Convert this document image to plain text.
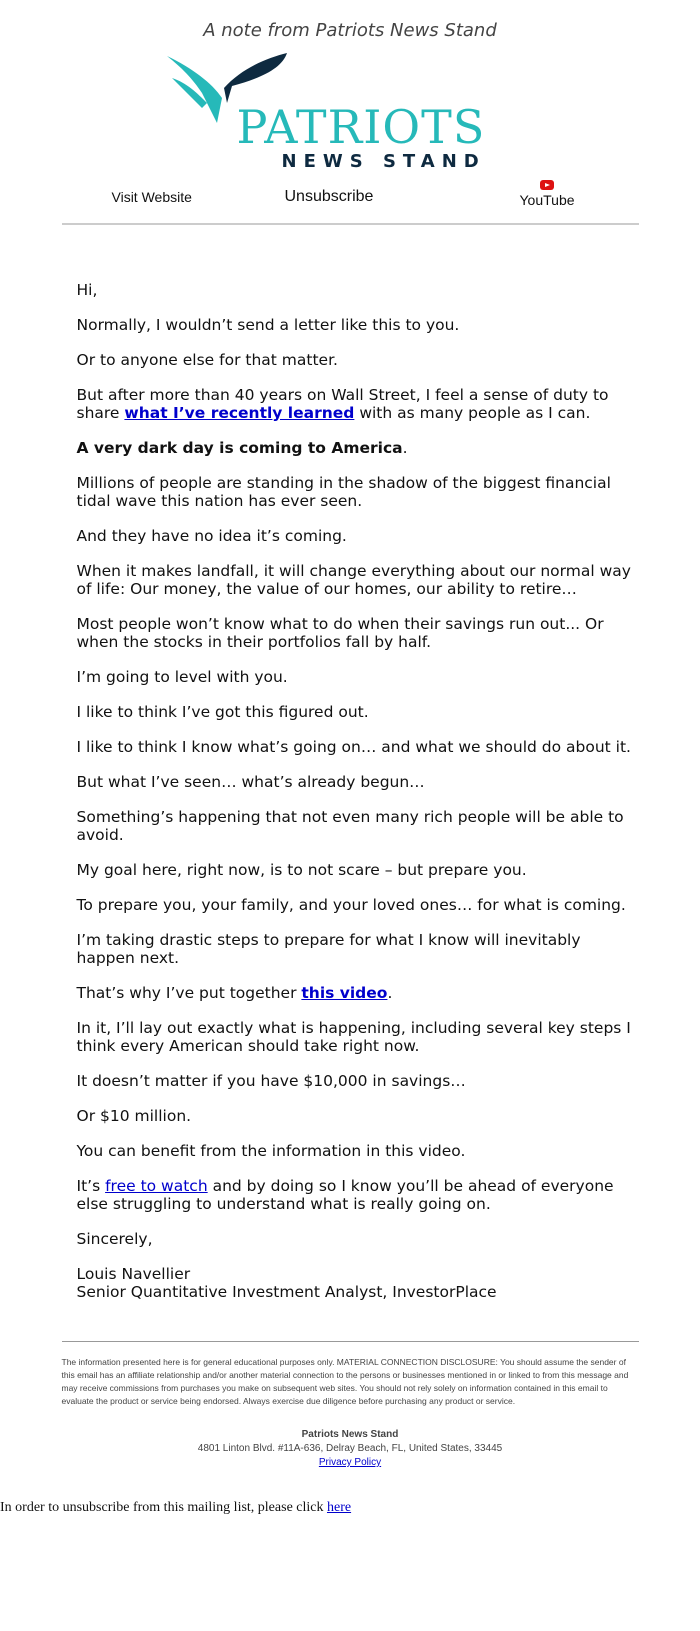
A note from Patriots News Stand
PATRIOTS
NEWS STAND
Visit Website	Unsubscribe	YouTube

Hi,

Normally, I wouldn’t send a letter like this to you.

Or to anyone else for that matter.

But after more than 40 years on Wall Street, I feel a sense of duty to share what I’ve recently learned with as many people as I can.

A very dark day is coming to America.

Millions of people are standing in the shadow of the biggest financial tidal wave this nation has ever seen.

And they have no idea it’s coming.

When it makes landfall, it will change everything about our normal way of life: Our money, the value of our homes, our ability to retire…

Most people won’t know what to do when their savings run out... Or when the stocks in their portfolios fall by half.

I’m going to level with you.

I like to think I’ve got this figured out.

I like to think I know what’s going on… and what we should do about it.

But what I’ve seen… what’s already begun…

Something’s happening that not even many rich people will be able to avoid.

My goal here, right now, is to not scare – but prepare you.

To prepare you, your family, and your loved ones… for what is coming.

I’m taking drastic steps to prepare for what I know will inevitably happen next.

That’s why I’ve put together this video.

In it, I’ll lay out exactly what is happening, including several key steps I think every American should take right now.

It doesn’t matter if you have $10,000 in savings…

Or $10 million.

You can benefit from the information in this video.

It’s free to watch and by doing so I know you’ll be ahead of everyone else struggling to understand what is really going on.

Sincerely,

Louis Navellier
Senior Quantitative Investment Analyst, InvestorPlace

The information presented here is for general educational purposes only. MATERIAL CONNECTION DISCLOSURE: You should assume the sender of this email has an affiliate relationship and/or another material connection to the persons or businesses mentioned in or linked to from this message and may receive commissions from purchases you make on subsequent web sites. You should not rely solely on information contained in this email to evaluate the product or service being endorsed. Always exercise due diligence before purchasing any product or service.
Patriots News Stand
4801 Linton Blvd. #11A-636, Delray Beach, FL, United States, 33445
Privacy Policy
In order to unsubscribe from this mailing list, please click here
